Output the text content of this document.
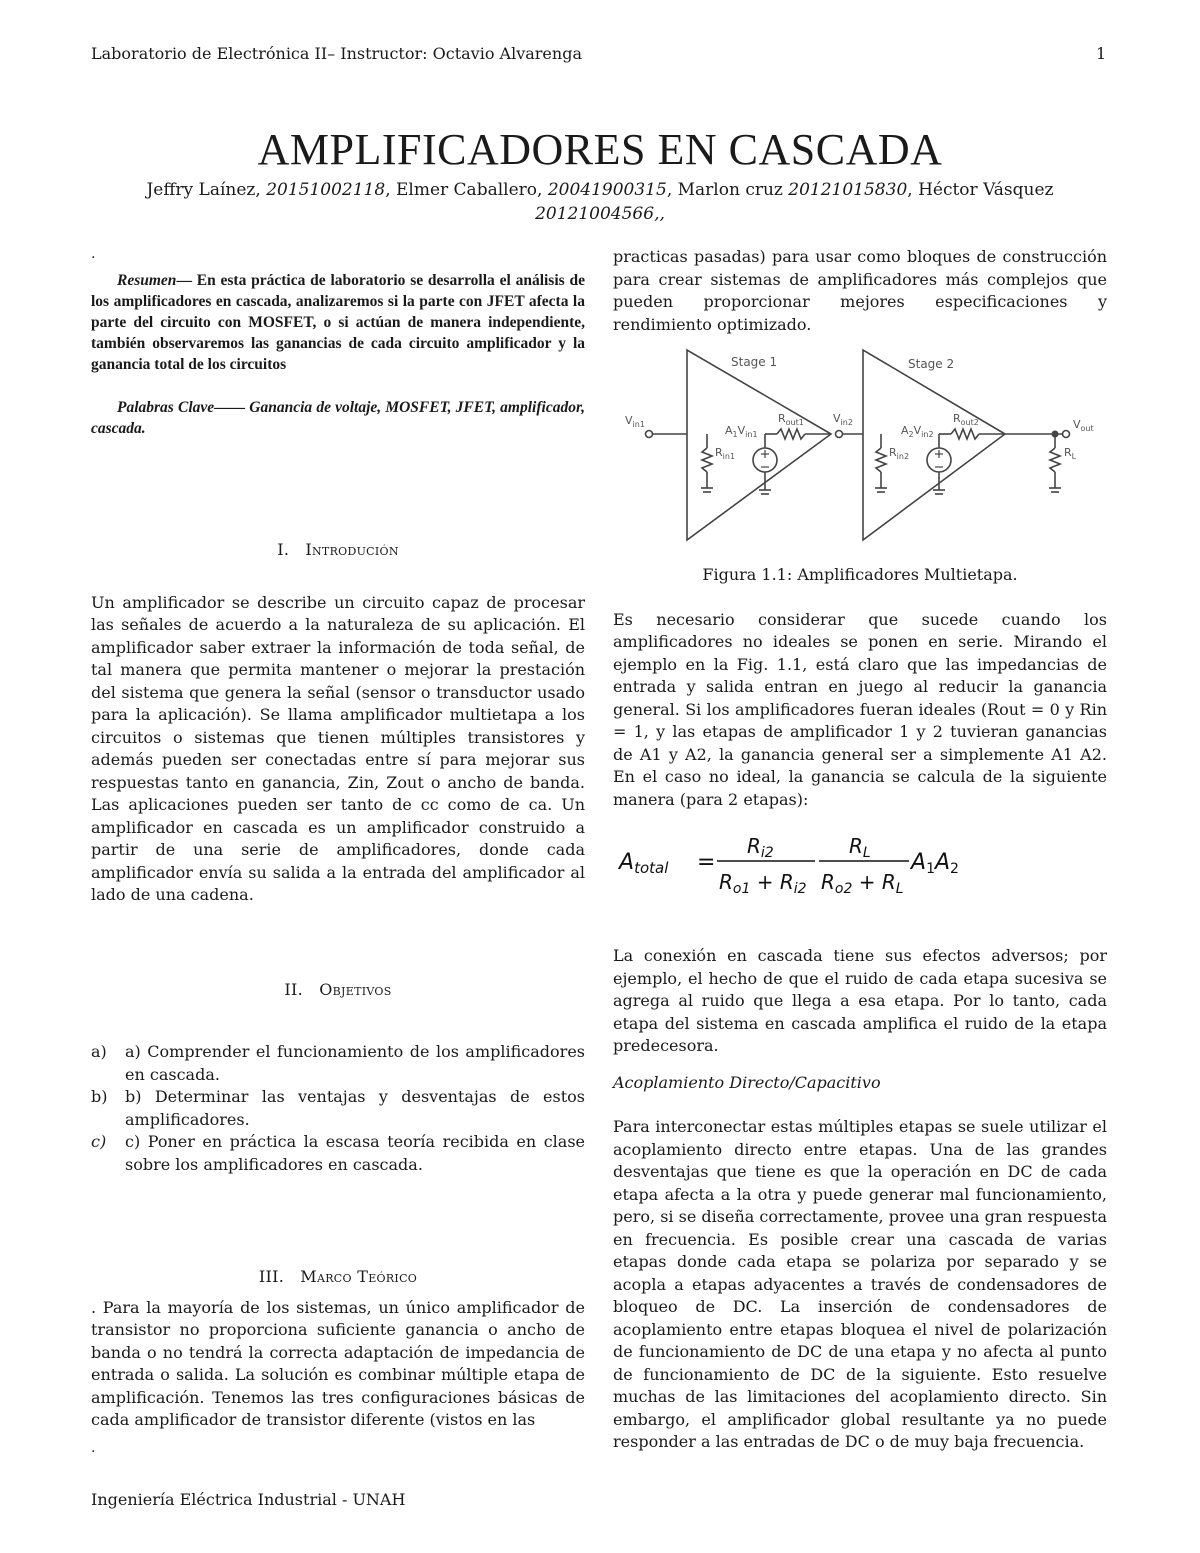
Laboratorio de Electrónica II– Instructor: Octavio Alvarenga	1
AMPLIFICADORES EN CASCADA
Jeffry Laínez, 20151002118, Elmer Caballero, 20041900315, Marlon cruz 20121015830, Héctor Vásquez
20121004566,,
.
.

Resumen— En esta práctica de laboratorio se desarrolla el análisis de los amplificadores en cascada, analizaremos si la parte con JFET afecta la parte del circuito con MOSFET, o si actúan de manera independiente, también observaremos las ganancias de cada circuito amplificador y la ganancia total de los circuitos

Palabras Clave—— Ganancia de voltaje, MOSFET, JFET, amplificador, cascada.

I. Introdución

Un amplificador se describe un circuito capaz de procesar las señales de acuerdo a la naturaleza de su aplicación. El amplificador saber extraer la información de toda señal, de tal manera que permita mantener o mejorar la prestación del sistema que genera la señal (sensor o transductor usado para la aplicación). Se llama amplificador multietapa a los circuitos o sistemas que tienen múltiples transistores y además pueden ser conectadas entre sí para mejorar sus respuestas tanto en ganancia, Zin, Zout o ancho de banda. Las aplicaciones pueden ser tanto de cc como de ca. Un amplificador en cascada es un amplificador construido a partir de una serie de amplificadores, donde cada amplificador envía su salida a la entrada del amplificador al lado de una cadena.

II. Objetivos
a) a) Comprender el funcionamiento de los amplificadores en cascada.
b) b) Determinar las ventajas y desventajas de estos amplificadores.
c) c) Poner en práctica la escasa teoría recibida en clase sobre los amplificadores en cascada.
III. Marco Teórico

. Para la mayoría de los sistemas, un único amplificador de transistor no proporciona suficiente ganancia o ancho de banda o no tendrá la correcta adaptación de impedancia de entrada o salida. La solución es combinar múltiple etapa de amplificación. Tenemos las tres configuraciones básicas de cada amplificador de transistor diferente (vistos en las

practicas pasadas) para usar como bloques de construcción para crear sistemas de amplificadores más complejos que pueden proporcionar mejores especificaciones y rendimiento optimizado.

Stage 1	Stage 2
$V_{in1}$
$R_{in1}$
$A_1V_{in1}$
$R_{out1}$	$V_{in2}$
$R_{in2}$
$A_2V_{in2}$
$R_{out2}$
$R_L$
$V_{out}$

Figura 1.1: Amplificadores Multietapa.

Es necesario considerar que sucede cuando los amplificadores no ideales se ponen en serie. Mirando el ejemplo en la Fig. 1.1, está claro que las impedancias de entrada y salida entran en juego al reducir la ganancia general. Si los amplificadores fueran ideales (Rout = 0 y Rin = 1, y las etapas de amplificador 1 y 2 tuvieran ganancias de A1 y A2, la ganancia general ser a simplemente A1 A2. En el caso no ideal, la ganancia se calcula de la siguiente manera (para 2 etapas):

Atotal =
$R_{i2}$
$R_{o1} + R_{i2}$
$R_L$
$R_{o2} + R_L$
A1A2

La conexión en cascada tiene sus efectos adversos; por ejemplo, el hecho de que el ruido de cada etapa sucesiva se agrega al ruido que llega a esa etapa. Por lo tanto, cada etapa del sistema en cascada amplifica el ruido de la etapa predecesora.

Acoplamiento Directo/Capacitivo

Para interconectar estas múltiples etapas se suele utilizar el acoplamiento directo entre etapas. Una de las grandes desventajas que tiene es que la operación en DC de cada etapa afecta a la otra y puede generar mal funcionamiento, pero, si se diseña correctamente, provee una gran respuesta en frecuencia. Es posible crear una cascada de varias etapas donde cada etapa se polariza por separado y se acopla a etapas adyacentes a través de condensadores de bloqueo de DC. La inserción de condensadores de acoplamiento entre etapas bloquea el nivel de polarización de funcionamiento de DC de una etapa y no afecta al punto de funcionamiento de DC de la siguiente. Esto resuelve muchas de las limitaciones del acoplamiento directo. Sin embargo, el amplificador global resultante ya no puede responder a las entradas de DC o de muy baja frecuencia.

Ingeniería Eléctrica Industrial - UNAH
